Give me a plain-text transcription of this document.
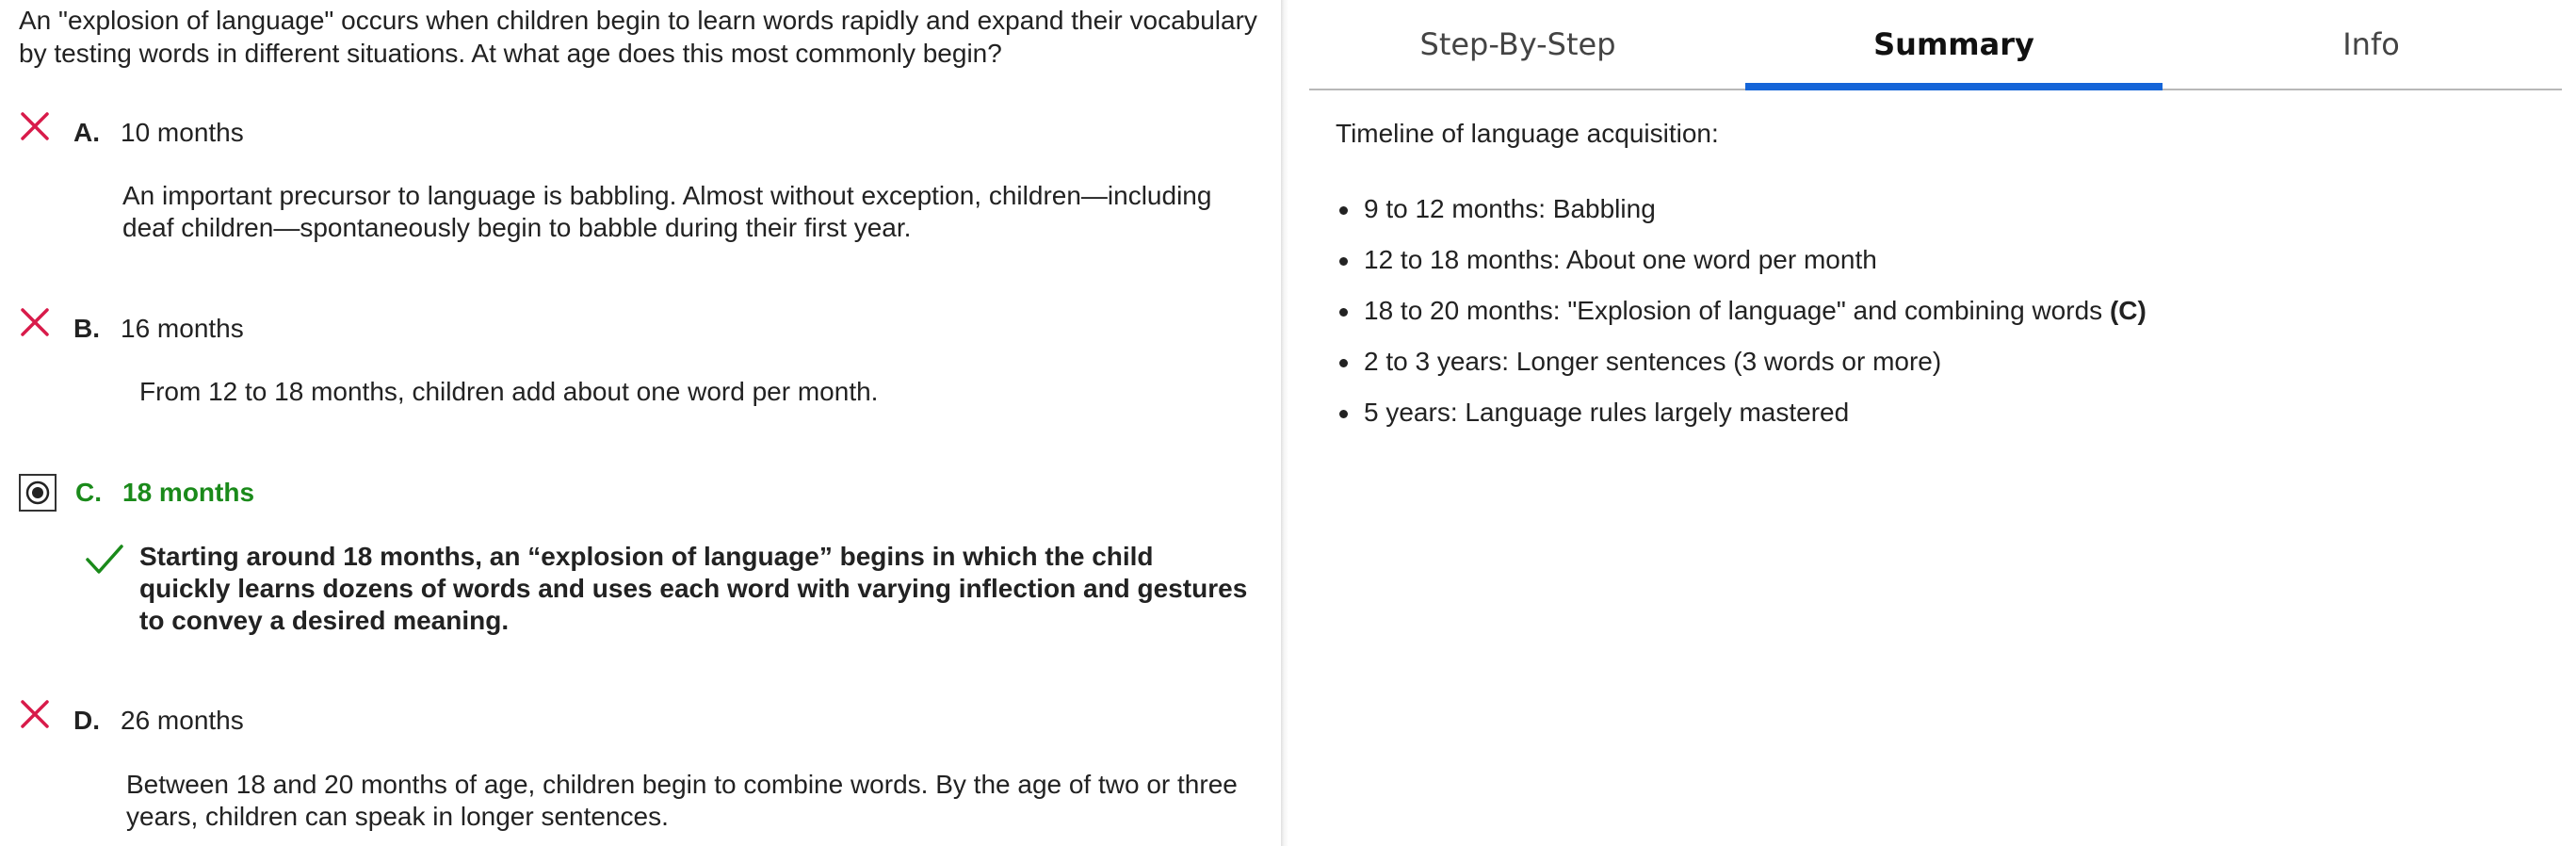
An "explosion of language" occurs when children begin to learn words rapidly and expand their vocabulary by testing words in different situations. At what age does this most commonly begin?

A. 10 months

An important precursor to language is babbling. Almost without exception, children—including deaf children—spontaneously begin to babble during their first year.

B. 16 months

From 12 to 18 months, children add about one word per month.

C. 18 months

Starting around 18 months, an “explosion of language” begins in which the child quickly learns dozens of words and uses each word with varying inflection and gestures to convey a desired meaning.

D. 26 months

Between 18 and 20 months of age, children begin to combine words. By the age of two or three years, children can speak in longer sentences.

Step-By-Step	Summary	Info

Timeline of language acquisition:

9 to 12 months: Babbling
12 to 18 months: About one word per month
18 to 20 months: "Explosion of language" and combining words (C)
2 to 3 years: Longer sentences (3 words or more)
5 years: Language rules largely mastered
